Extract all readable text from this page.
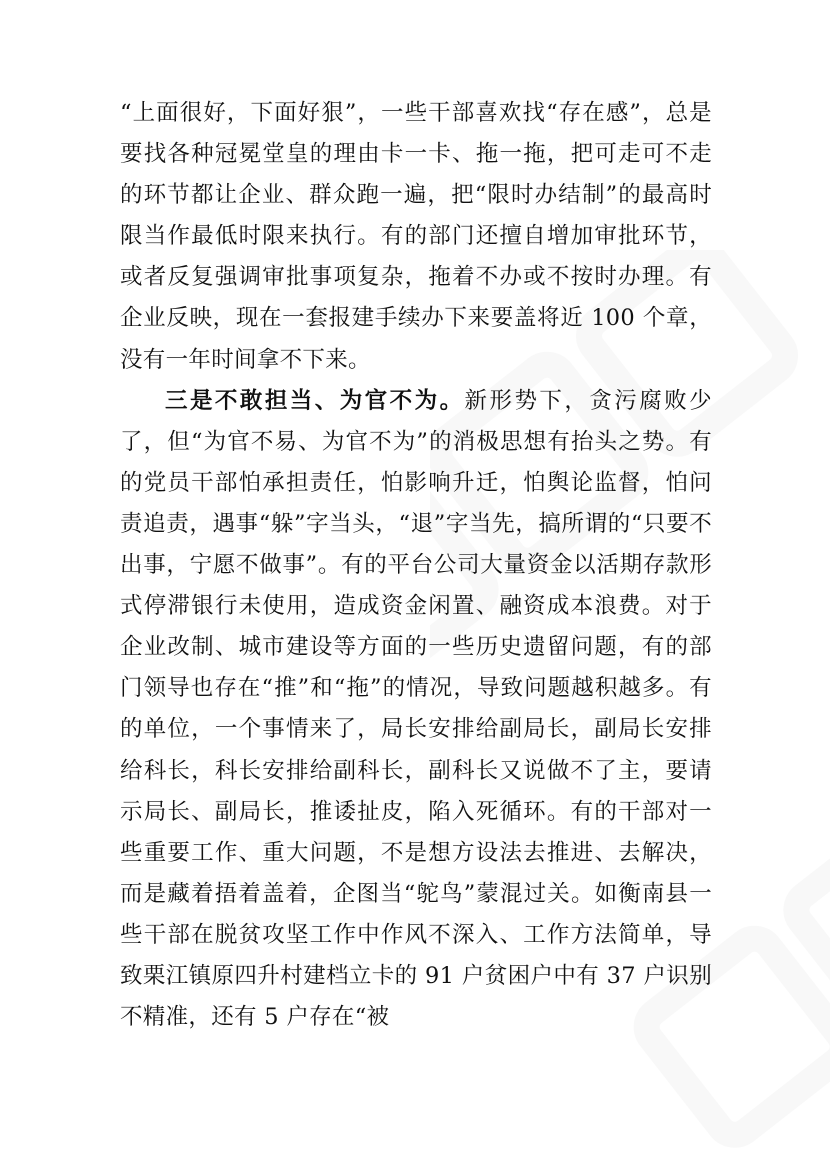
“上面很好，下面好狠”，一些干部喜欢找“存在感”，总是要找各种冠冕堂皇的理由卡一卡、拖一拖，把可走可不走的环节都让企业、群众跑一遍，把“限时办结制”的最高时限当作最低时限来执行。有的部门还擅自增加审批环节，或者反复强调审批事项复杂，拖着不办或不按时办理。有企业反映，现在一套报建手续办下来要盖将近 100 个章，没有一年时间拿不下来。

三是不敢担当、为官不为。新形势下，贪污腐败少了，但“为官不易、为官不为”的消极思想有抬头之势。有的党员干部怕承担责任，怕影响升迁，怕舆论监督，怕问责追责，遇事“躲”字当头，“退”字当先，搞所谓的“只要不出事，宁愿不做事”。有的平台公司大量资金以活期存款形式停滞银行未使用，造成资金闲置、融资成本浪费。对于企业改制、城市建设等方面的一些历史遗留问题，有的部门领导也存在“推”和“拖”的情况，导致问题越积越多。有的单位，一个事情来了，局长安排给副局长，副局长安排给科长，科长安排给副科长，副科长又说做不了主，要请示局长、副局长，推诿扯皮，陷入死循环。有的干部对一些重要工作、重大问题，不是想方设法去推进、去解决，而是藏着捂着盖着，企图当“鸵鸟”蒙混过关。如衡南县一些干部在脱贫攻坚工作中作风不深入、工作方法简单，导致栗江镇原四升村建档立卡的 91 户贫困户中有 37 户识别不精准，还有 5 户存在“被
